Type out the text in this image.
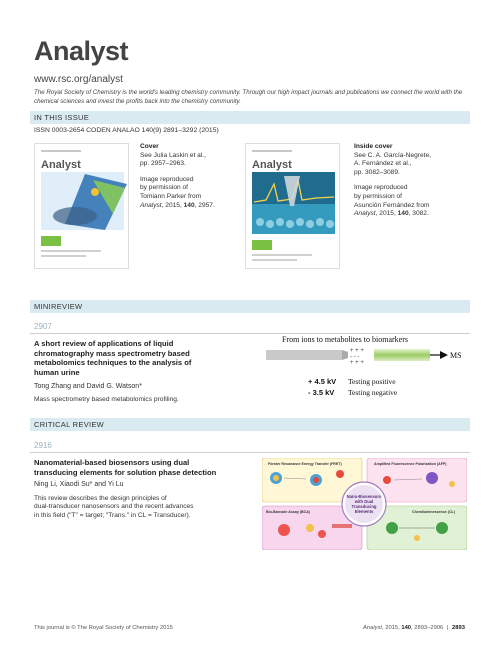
Analyst
www.rsc.org/analyst
The Royal Society of Chemistry is the world's leading chemistry community. Through our high impact journals and publications we connect the world with the chemical sciences and invest the profits back into the chemistry community.
IN THIS ISSUE
ISSN 0003-2654 CODEN ANALAO 140(9) 2891–3292 (2015)
Analyst

Cover
See Julia Laskin et al.,
pp. 2957–2963.

Image reproduced
by permission of
Tomiann Parker from
Analyst, 2015, 140, 2957.

Analyst

Inside cover
See C. A. García-Negrete,
A. Fernández et al.,
pp. 3082–3089.

Image reproduced
by permission of
Asunción Fernández from
Analyst, 2015, 140, 3082.

MINIREVIEW
2907
A short review of applications of liquid
chromatography mass spectrometry based
metabolomics techniques to the analysis of
human urine
Tong Zhang and David G. Watson*
Mass spectrometry based metabolomics profiling.
From ions to metabolites to biomarkers
MS
+ + +
- - -
+ + +
+ 4.5 kV Testing positive
- 3.5 kV Testing negative
CRITICAL REVIEW
2916
Nanomaterial-based biosensors using dual
transducing elements for solution phase detection
Ning Li, Xiaodi Su* and Yi Lu
This review describes the design principles of
dual-transducer nanosensors and the recent advances
in this field ("T" = target; "Trans." in CL = Transducer).
Förster Resonance Energy Transfer (FRET)	Amplified Fluorescence Polarization (AFP)
Bio-Barcode Assay (BCA)	Chemiluminescence (CL)
Nano-Biosensors
with Dual
Transducing
Elements
This journal is © The Royal Society of Chemistry 2015	Analyst, 2015, 140, 2893–2906 | 2893
